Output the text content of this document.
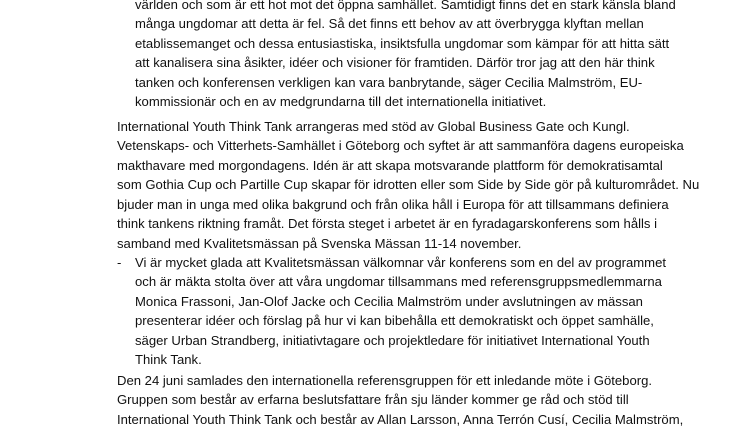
världen och som är ett hot mot det öppna samhället. Samtidigt finns det en stark känsla bland
många ungdomar att detta är fel. Så det finns ett behov av att överbrygga klyftan mellan
etablissemanget och dessa entusiastiska, insiktsfulla ungdomar som kämpar för att hitta sätt
att kanalisera sina åsikter, idéer och visioner för framtiden. Därför tror jag att den här think
tanken och konferensen verkligen kan vara banbrytande, säger Cecilia Malmström, EU-
kommissionär och en av medgrundarna till det internationella initiativet.
International Youth Think Tank arrangeras med stöd av Global Business Gate och Kungl.
Vetenskaps- och Vitterhets-Samhället i Göteborg och syftet är att sammanföra dagens europeiska
makthavare med morgondagens. Idén är att skapa motsvarande plattform för demokratisamtal
som Gothia Cup och Partille Cup skapar för idrotten eller som Side by Side gör på kulturområdet. Nu
bjuder man in unga med olika bakgrund och från olika håll i Europa för att tillsammans definiera
think tankens riktning framåt. Det första steget i arbetet är en fyradagarskonferens som hålls i
samband med Kvalitetsmässan på Svenska Mässan 11-14 november.
- Vi är mycket glada att Kvalitetsmässan välkomnar vår konferens som en del av programmet
och är mäkta stolta över att våra ungdomar tillsammans med referensgruppsmedlemmarna
Monica Frassoni, Jan-Olof Jacke och Cecilia Malmström under avslutningen av mässan
presenterar idéer och förslag på hur vi kan bibehålla ett demokratiskt och öppet samhälle,
säger Urban Strandberg, initiativtagare och projektledare för initiativet International Youth
Think Tank.
Den 24 juni samlades den internationella referensgruppen för ett inledande möte i Göteborg.
Gruppen som består av erfarna beslutsfattare från sju länder kommer ge råd och stöd till
International Youth Think Tank och består av Allan Larsson, Anna Terrón Cusí, Cecilia Malmström,
